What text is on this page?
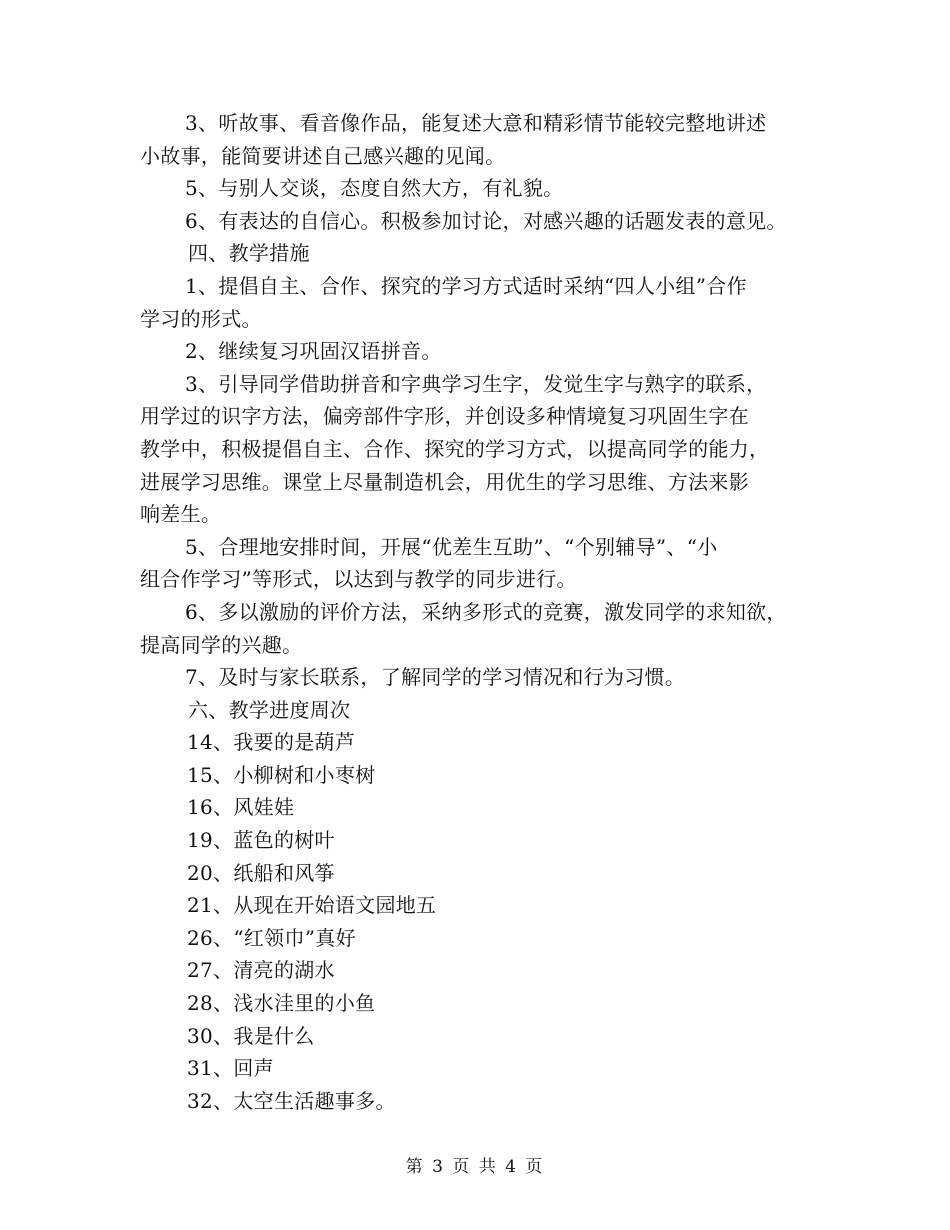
3、听故事、看音像作品，能复述大意和精彩情节能较完整地讲述
小故事，能简要讲述自己感兴趣的见闻。

5、与别人交谈，态度自然大方，有礼貌。

6、有表达的自信心。积极参加讨论，对感兴趣的话题发表的意见。

四、教学措施

1、提倡自主、合作、探究的学习方式适时采纳“四人小组”合作
学习的形式。

2、继续复习巩固汉语拼音。

3、引导同学借助拼音和字典学习生字，发觉生字与熟字的联系，
用学过的识字方法，偏旁部件字形，并创设多种情境复习巩固生字在
教学中，积极提倡自主、合作、探究的学习方式，以提高同学的能力，
进展学习思维。课堂上尽量制造机会，用优生的学习思维、方法来影
响差生。

5、合理地安排时间，开展“优差生互助”、“个别辅导”、“小
组合作学习”等形式，以达到与教学的同步进行。

6、多以激励的评价方法，采纳多形式的竞赛，激发同学的求知欲，
提高同学的兴趣。

7、及时与家长联系，了解同学的学习情况和行为习惯。

六、教学进度周次

14、我要的是葫芦

15、小柳树和小枣树

16、风娃娃

19、蓝色的树叶

20、纸船和风筝

21、从现在开始语文园地五

26、“红领巾”真好

27、清亮的湖水

28、浅水洼里的小鱼

30、我是什么

31、回声

32、太空生活趣事多。

第 3 页 共 4 页
